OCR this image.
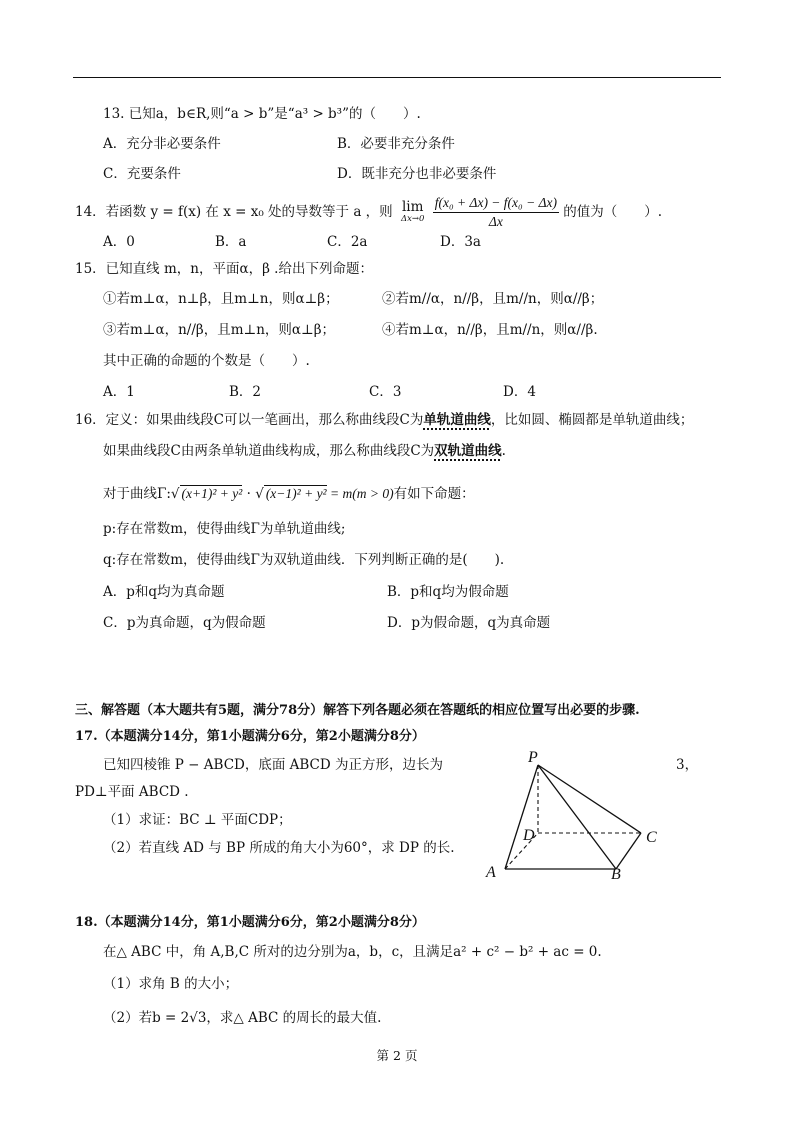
13. 已知a，b∈R,则“a > b”是“a³ > b³”的（　　）.
A．充分非必要条件	B．必要非充分条件
C．充要条件	D．既非充分也非必要条件
14．若函数 y = f(x) 在 x = x₀ 处的导数等于 a ，则 lim
Δx→0
$\frac{\text{f(x₀ + Δx) − f(x₀ − Δx)}}{\Delta x}$ 的值为（　　）.
A．0	B．a	C．2a	D．3a
15．已知直线 m，n，平面α，β .给出下列命题：
①若m⊥α，n⊥β，且m⊥n，则α⊥β；	②若m//α，n//β，且m//n，则α//β；
③若m⊥α，n//β，且m⊥n，则α⊥β；	④若m⊥α，n//β，且m//n，则α//β.
其中正确的命题的个数是（　　）.
A．1	B．2	C．3	D．4
16．定义：如果曲线段C可以一笔画出，那么称曲线段C为单轨道曲线，比如圆、椭圆都是单轨道曲线；
如果曲线段C由两条单轨道曲线构成，那么称曲线段C为双轨道曲线.
对于曲线Γ:√ (x+1)² + y² · √ (x−1)² + y² = m(m > 0)有如下命题：
p:存在常数m，使得曲线Γ为单轨道曲线;
q:存在常数m，使得曲线Γ为双轨道曲线．下列判断正确的是(　　).
A．p和q均为真命题	B．p和q均为假命题
C．p为真命题，q为假命题	D．p为假命题，q为真命题
三、解答题（本大题共有5题，满分78分）解答下列各题必须在答题纸的相应位置写出必要的步骤.
17.（本题满分14分，第1小题满分6分，第2小题满分8分）
已知四棱锥 P − ABCD，底面 ABCD 为正方形，边长为	3，
PD⊥平面 ABCD .
（1）求证：BC ⊥ 平面CDP；
（2）若直线 AD 与 BP 所成的角大小为60°，求 DP 的长.
P
A	B
C
D
18.（本题满分14分，第1小题满分6分，第2小题满分8分）
在△ ABC 中，角 A,B,C 所对的边分别为a，b，c，且满足a² + c² − b² + ac = 0.
（1）求角 B 的大小；
（2）若b = 2√3，求△ ABC 的周长的最大值.
第 2 页
